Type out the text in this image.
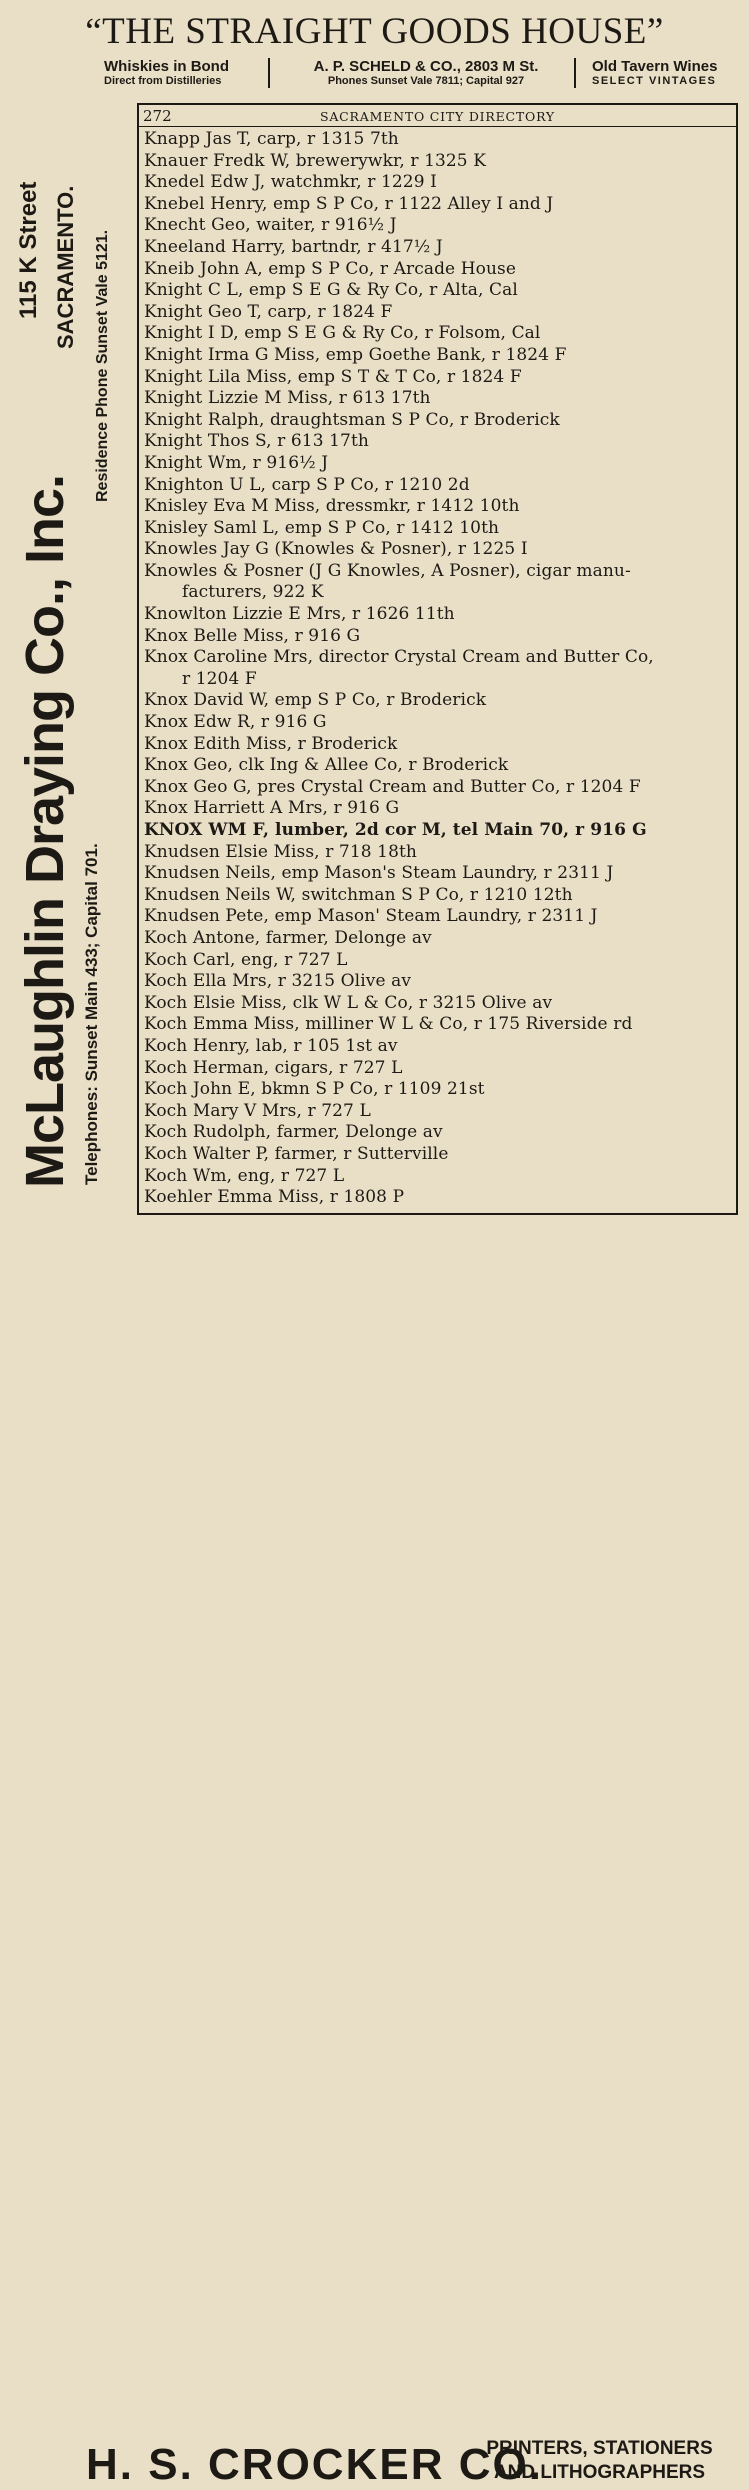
“THE STRAIGHT GOODS HOUSE”
Whiskies in Bond
Direct from Distilleries
A. P. SCHELD & CO., 2803 M St.
Phones Sunset Vale 7811; Capital 927
Old Tavern Wines
SELECT VINTAGES
McLaughlin Draying Co., Inc. Telephones: Sunset Main 433; Capital 701.
Residence Phone Sunset Vale 5121.
115 K Street SACRAMENTO.
272	SACRAMENTO CITY DIRECTORY
Knapp Jas T, carp, r 1315 7th
Knauer Fredk W, brewerywkr, r 1325 K
Knedel Edw J, watchmkr, r 1229 I
Knebel Henry, emp S P Co, r 1122 Alley I and J
Knecht Geo, waiter, r 916½ J
Kneeland Harry, bartndr, r 417½ J
Kneib John A, emp S P Co, r Arcade House
Knight C L, emp S E G & Ry Co, r Alta, Cal
Knight Geo T, carp, r 1824 F
Knight I D, emp S E G & Ry Co, r Folsom, Cal
Knight Irma G Miss, emp Goethe Bank, r 1824 F
Knight Lila Miss, emp S T & T Co, r 1824 F
Knight Lizzie M Miss, r 613 17th
Knight Ralph, draughtsman S P Co, r Broderick
Knight Thos S, r 613 17th
Knight Wm, r 916½ J
Knighton U L, carp S P Co, r 1210 2d
Knisley Eva M Miss, dressmkr, r 1412 10th
Knisley Saml L, emp S P Co, r 1412 10th
Knowles Jay G (Knowles & Posner), r 1225 I
Knowles & Posner (J G Knowles, A Posner), cigar manu-
facturers, 922 K
Knowlton Lizzie E Mrs, r 1626 11th
Knox Belle Miss, r 916 G
Knox Caroline Mrs, director Crystal Cream and Butter Co,
r 1204 F
Knox David W, emp S P Co, r Broderick
Knox Edw R, r 916 G
Knox Edith Miss, r Broderick
Knox Geo, clk Ing & Allee Co, r Broderick
Knox Geo G, pres Crystal Cream and Butter Co, r 1204 F
Knox Harriett A Mrs, r 916 G
KNOX WM F, lumber, 2d cor M, tel Main 70, r 916 G
Knudsen Elsie Miss, r 718 18th
Knudsen Neils, emp Mason's Steam Laundry, r 2311 J
Knudsen Neils W, switchman S P Co, r 1210 12th
Knudsen Pete, emp Mason' Steam Laundry, r 2311 J
Koch Antone, farmer, Delonge av
Koch Carl, eng, r 727 L
Koch Ella Mrs, r 3215 Olive av
Koch Elsie Miss, clk W L & Co, r 3215 Olive av
Koch Emma Miss, milliner W L & Co, r 175 Riverside rd
Koch Henry, lab, r 105 1st av
Koch Herman, cigars, r 727 L
Koch John E, bkmn S P Co, r 1109 21st
Koch Mary V Mrs, r 727 L
Koch Rudolph, farmer, Delonge av
Koch Walter P, farmer, r Sutterville
Koch Wm, eng, r 727 L
Koehler Emma Miss, r 1808 P
H. S. CROCKER CO.
PRINTERS, STATIONERS
AND LITHOGRAPHERS
